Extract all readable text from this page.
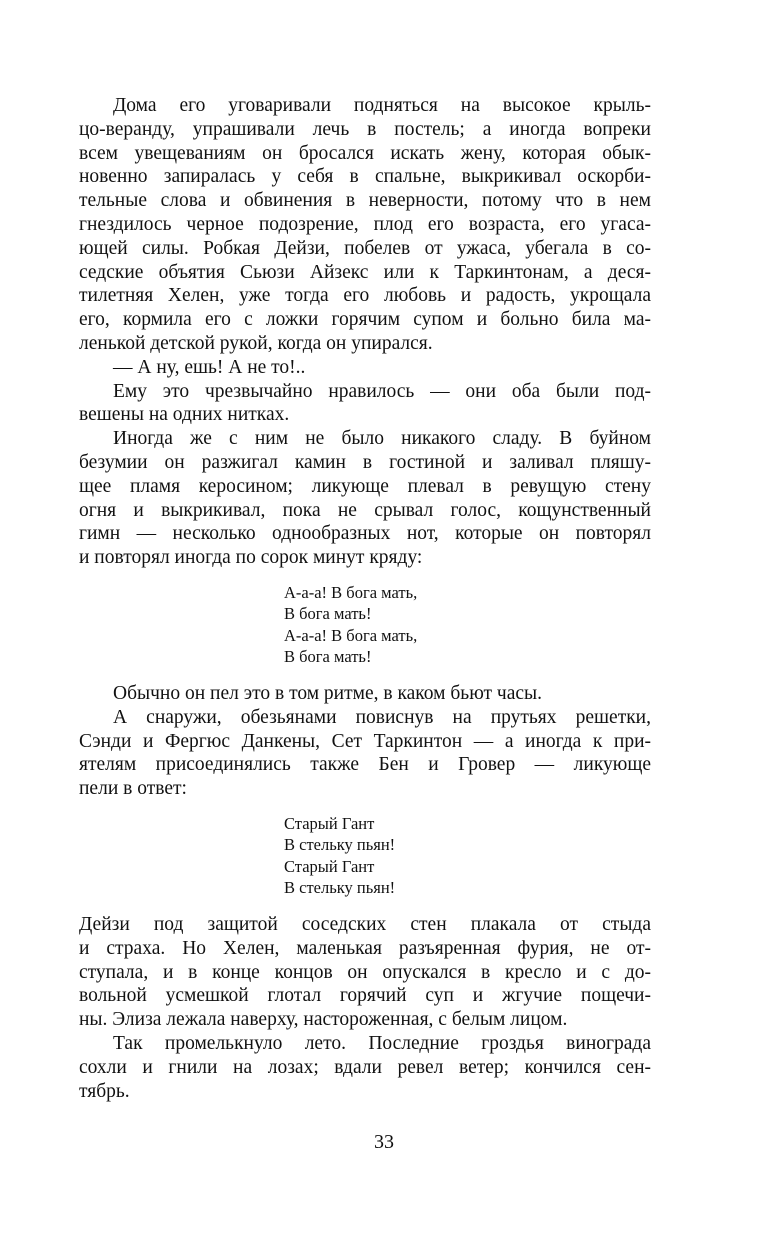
Дома его уговаривали подняться на высокое крыль-
цо-веранду, упрашивали лечь в постель; а иногда вопреки
всем увещеваниям он бросался искать жену, которая обык-
новенно запиралась у себя в спальне, выкрикивал оскорби-
тельные слова и обвинения в неверности, потому что в нем
гнездилось черное подозрение, плод его возраста, его угаса-
ющей силы. Робкая Дейзи, побелев от ужаса, убегала в со-
седские объятия Сьюзи Айзекс или к Таркинтонам, а деся-
тилетняя Хелен, уже тогда его любовь и радость, укрощала
его, кормила его с ложки горячим супом и больно била ма-
ленькой детской рукой, когда он упирался.
— А ну, ешь! А не то!..
Ему это чрезвычайно нравилось — они оба были под-
вешены на одних нитках.
Иногда же с ним не было никакого сладу. В буйном
безумии он разжигал камин в гостиной и заливал пляшу-
щее пламя керосином; ликующе плевал в ревущую стену
огня и выкрикивал, пока не срывал голос, кощунственный
гимн — несколько однообразных нот, которые он повторял
и повторял иногда по сорок минут кряду:
А-а-а! В бога мать,
В бога мать!
А-а-а! В бога мать,
В бога мать!
Обычно он пел это в том ритме, в каком бьют часы.
А снаружи, обезьянами повиснув на прутьях решетки,
Сэнди и Фергюс Данкены, Сет Таркинтон — а иногда к при-
ятелям присоединялись также Бен и Гровер — ликующе
пели в ответ:
Старый Гант
В стельку пьян!
Старый Гант
В стельку пьян!
Дейзи под защитой соседских стен плакала от стыда
и страха. Но Хелен, маленькая разъяренная фурия, не от-
ступала, и в конце концов он опускался в кресло и с до-
вольной усмешкой глотал горячий суп и жгучие пощечи-
ны. Элиза лежала наверху, настороженная, с белым лицом.
Так промелькнуло лето. Последние гроздья винограда
сохли и гнили на лозах; вдали ревел ветер; кончился сен-
тябрь.
33
